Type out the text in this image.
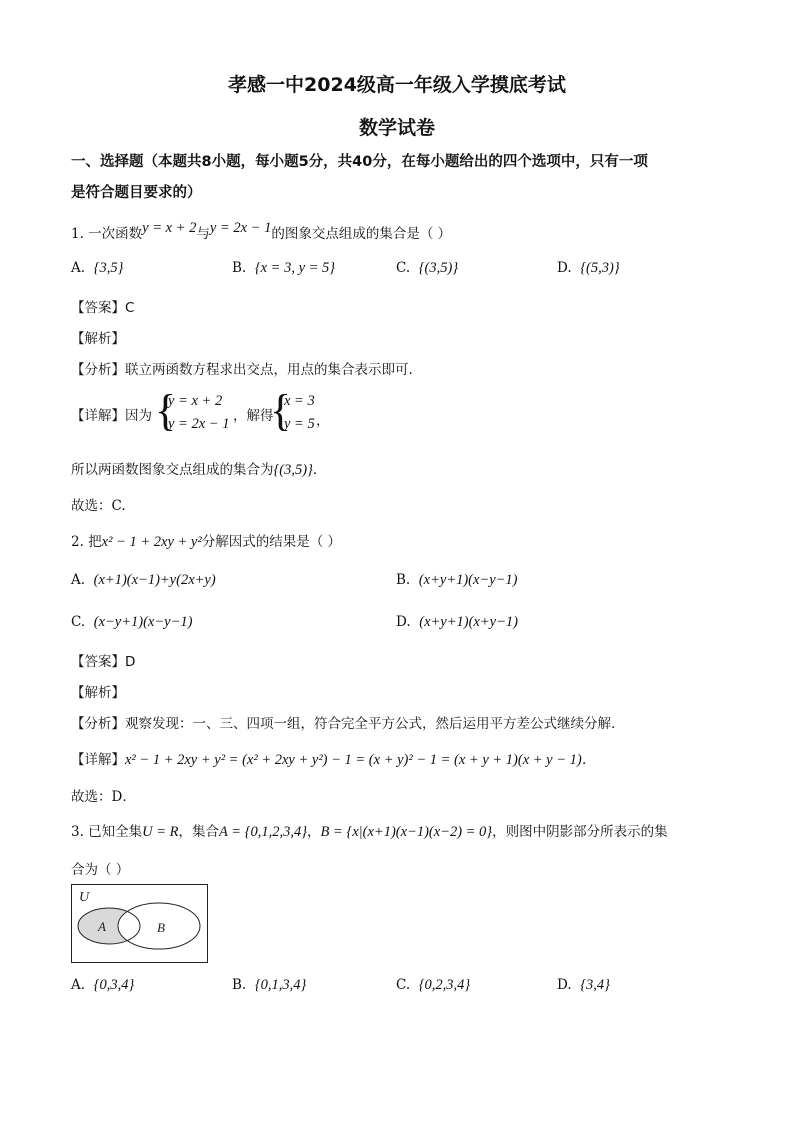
孝感一中2024级高一年级入学摸底考试
数学试卷
一、选择题（本题共8小题，每小题5分，共40分，在每小题给出的四个选项中，只有一项
是符合题目要求的）
1. 一次函数y = x + 2与y = 2x − 1的图象交点组成的集合是（ ）
A. {3,5}	B. {x = 3, y = 5}	C. {(3,5)}	D. {(5,3)}
【答案】C
【解析】
【分析】联立两函数方程求出交点，用点的集合表示即可.
【详解】因为 {
y = x + 2
y = 2x − 1 ，解得
{
x = 3
y = 5 ，
所以两函数图象交点组成的集合为{(3,5)}.
故选：C.
2. 把x² − 1 + 2xy + y²分解因式的结果是（ ）
A. (x+1)(x−1)+y(2x+y)	B. (x+y+1)(x−y−1)
C. (x−y+1)(x−y−1)	D. (x+y+1)(x+y−1)
【答案】D
【解析】
【分析】观察发现：一、三、四项一组，符合完全平方公式，然后运用平方差公式继续分解．
【详解】x² − 1 + 2xy + y² = (x² + 2xy + y²) − 1 = (x + y)² − 1 = (x + y + 1)(x + y − 1)．
故选：D．
3. 已知全集U = R，集合A = {0,1,2,3,4}，B = {x|(x+1)(x−1)(x−2) = 0}，则图中阴影部分所表示的集
合为（ ）
U
A	B
A. {0,3,4}	B. {0,1,3,4}	C. {0,2,3,4}	D. {3,4}
